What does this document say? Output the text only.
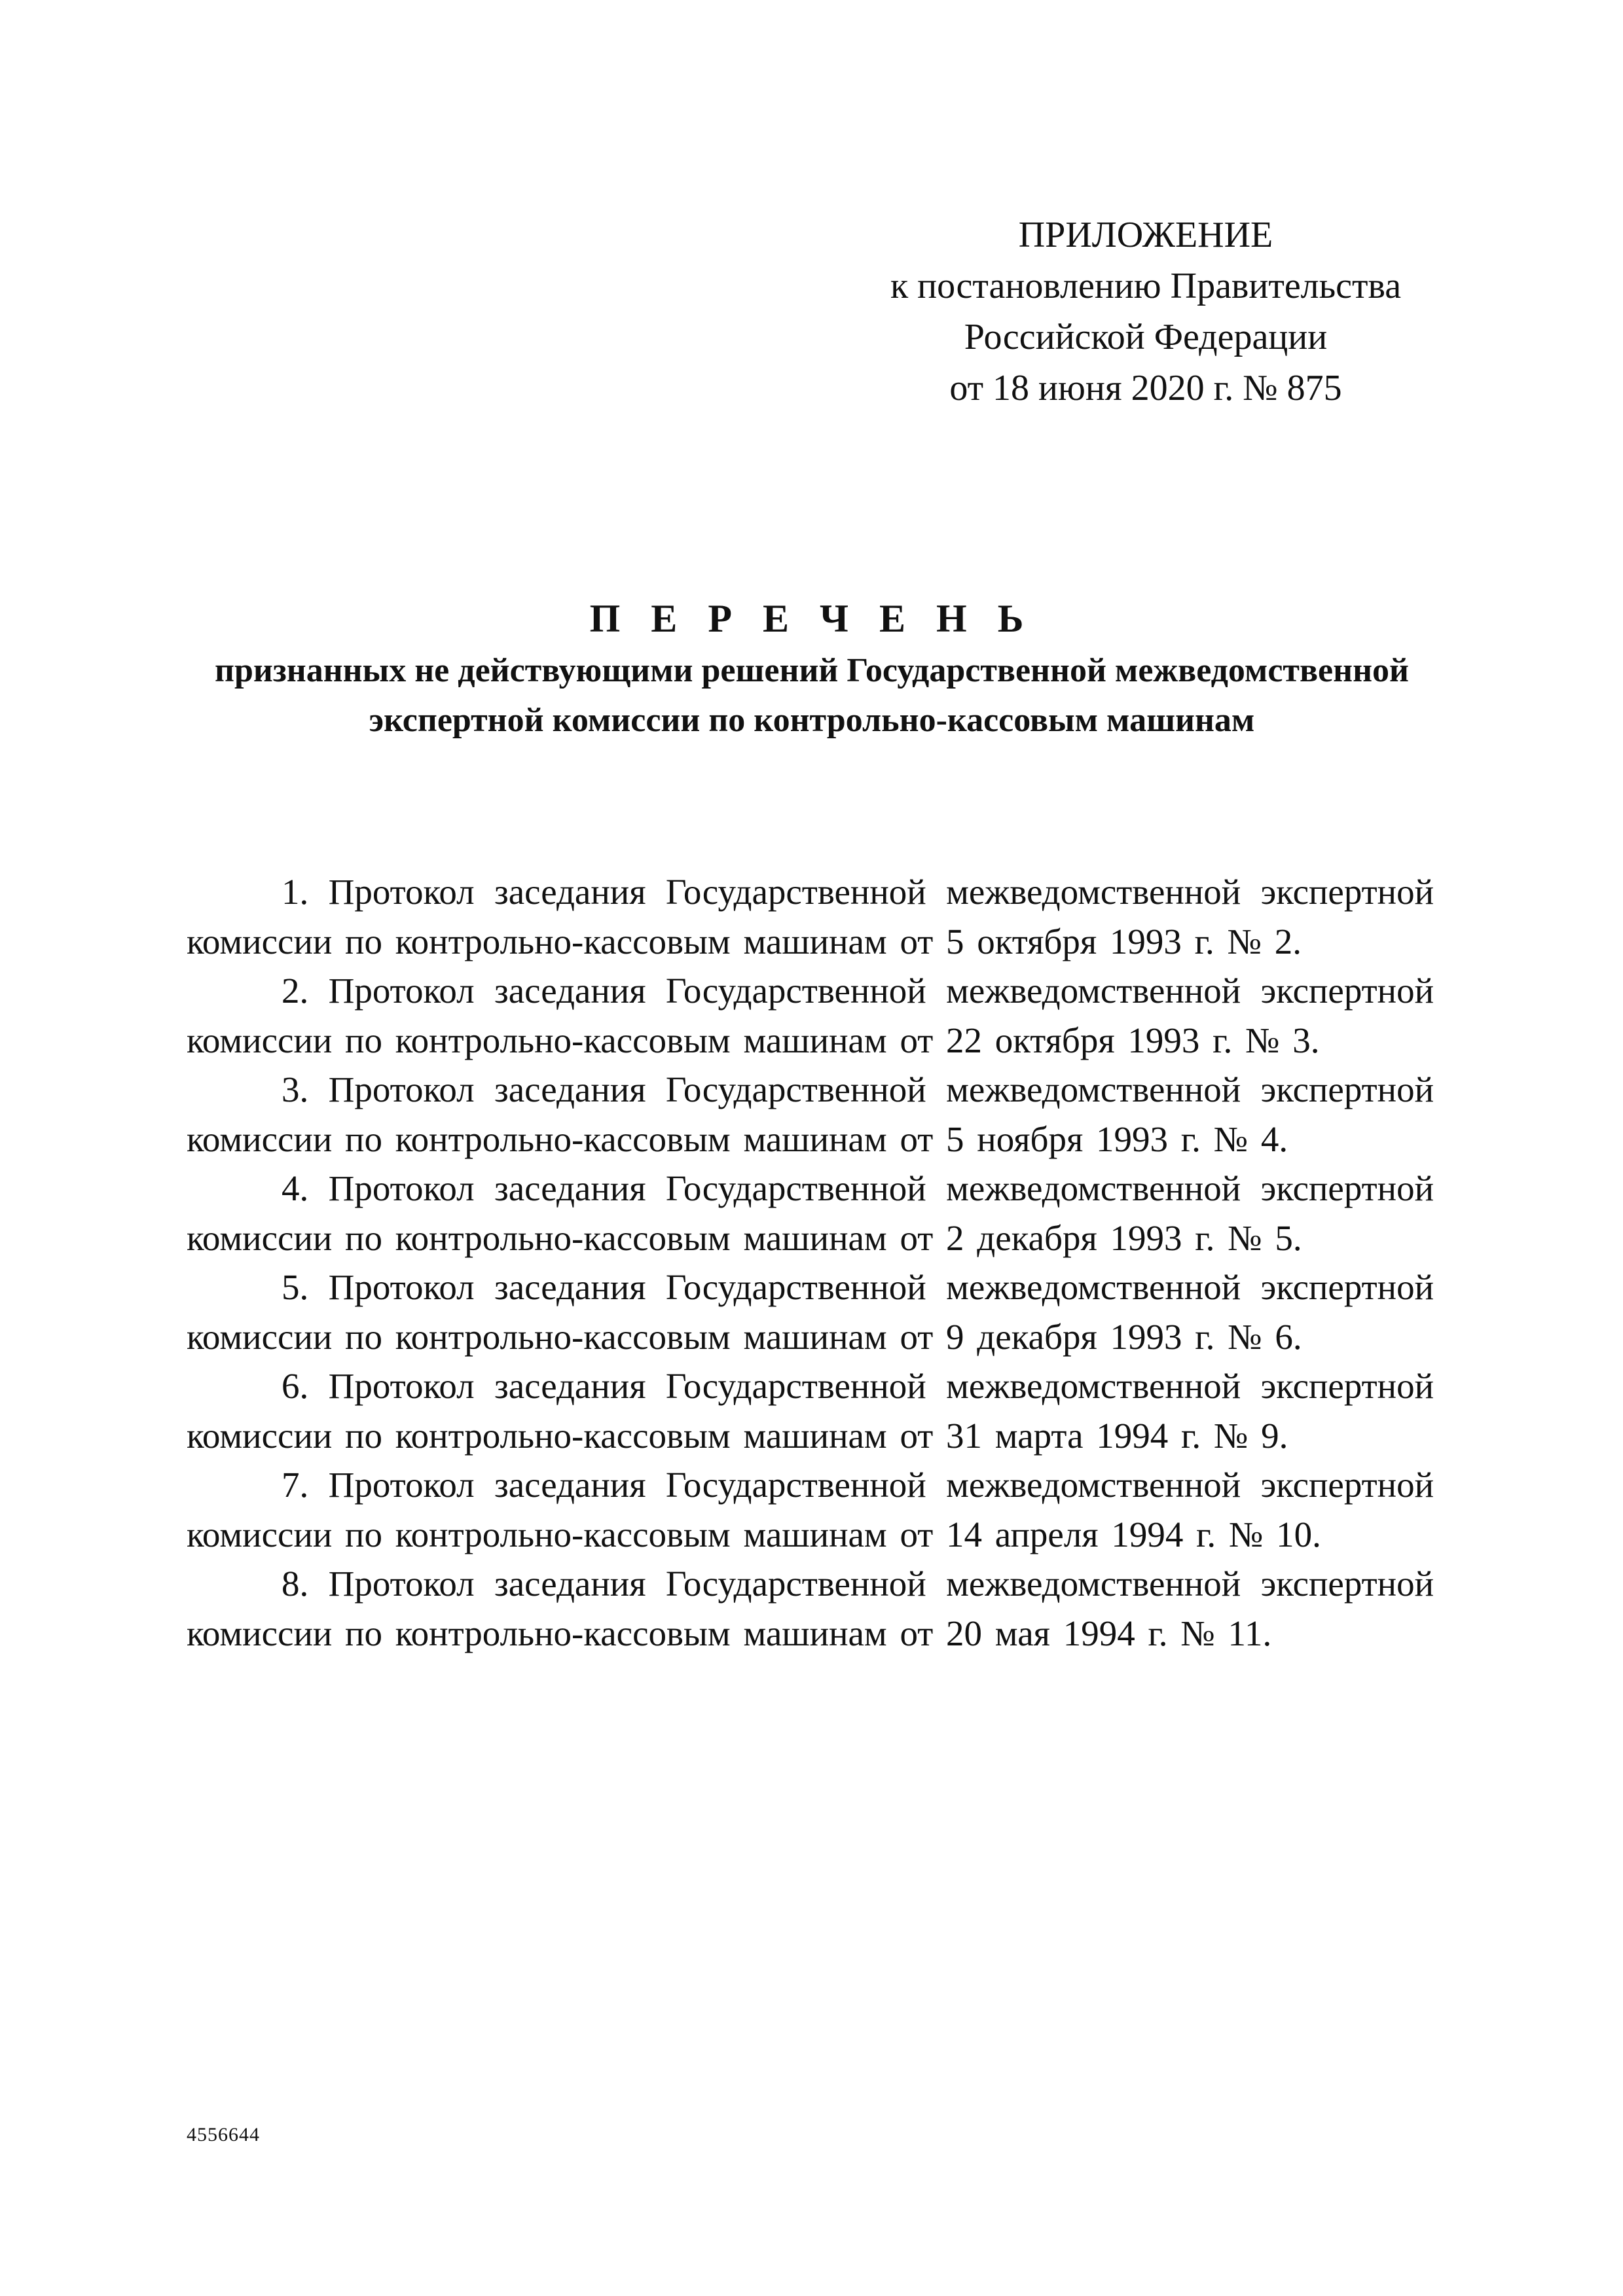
ПРИЛОЖЕНИЕ
к постановлению Правительства
Российской Федерации
от 18 июня 2020 г. № 875
П Е Р Е Ч Е Н Ь
признанных не действующими решений Государственной межведомственной экспертной комиссии по контрольно-кассовым машинам

1. Протокол заседания Государственной межведомственной экспертной комиссии по контрольно-кассовым машинам от 5 октября 1993 г. № 2.

2. Протокол заседания Государственной межведомственной экспертной комиссии по контрольно-кассовым машинам от 22 октября 1993 г. № 3.

3. Протокол заседания Государственной межведомственной экспертной комиссии по контрольно-кассовым машинам от 5 ноября 1993 г. № 4.

4. Протокол заседания Государственной межведомственной экспертной комиссии по контрольно-кассовым машинам от 2 декабря 1993 г. № 5.

5. Протокол заседания Государственной межведомственной экспертной комиссии по контрольно-кассовым машинам от 9 декабря 1993 г. № 6.

6. Протокол заседания Государственной межведомственной экспертной комиссии по контрольно-кассовым машинам от 31 марта 1994 г. № 9.

7. Протокол заседания Государственной межведомственной экспертной комиссии по контрольно-кассовым машинам от 14 апреля 1994 г. № 10.

8. Протокол заседания Государственной межведомственной экспертной комиссии по контрольно-кассовым машинам от 20 мая 1994 г. № 11.

4556644
